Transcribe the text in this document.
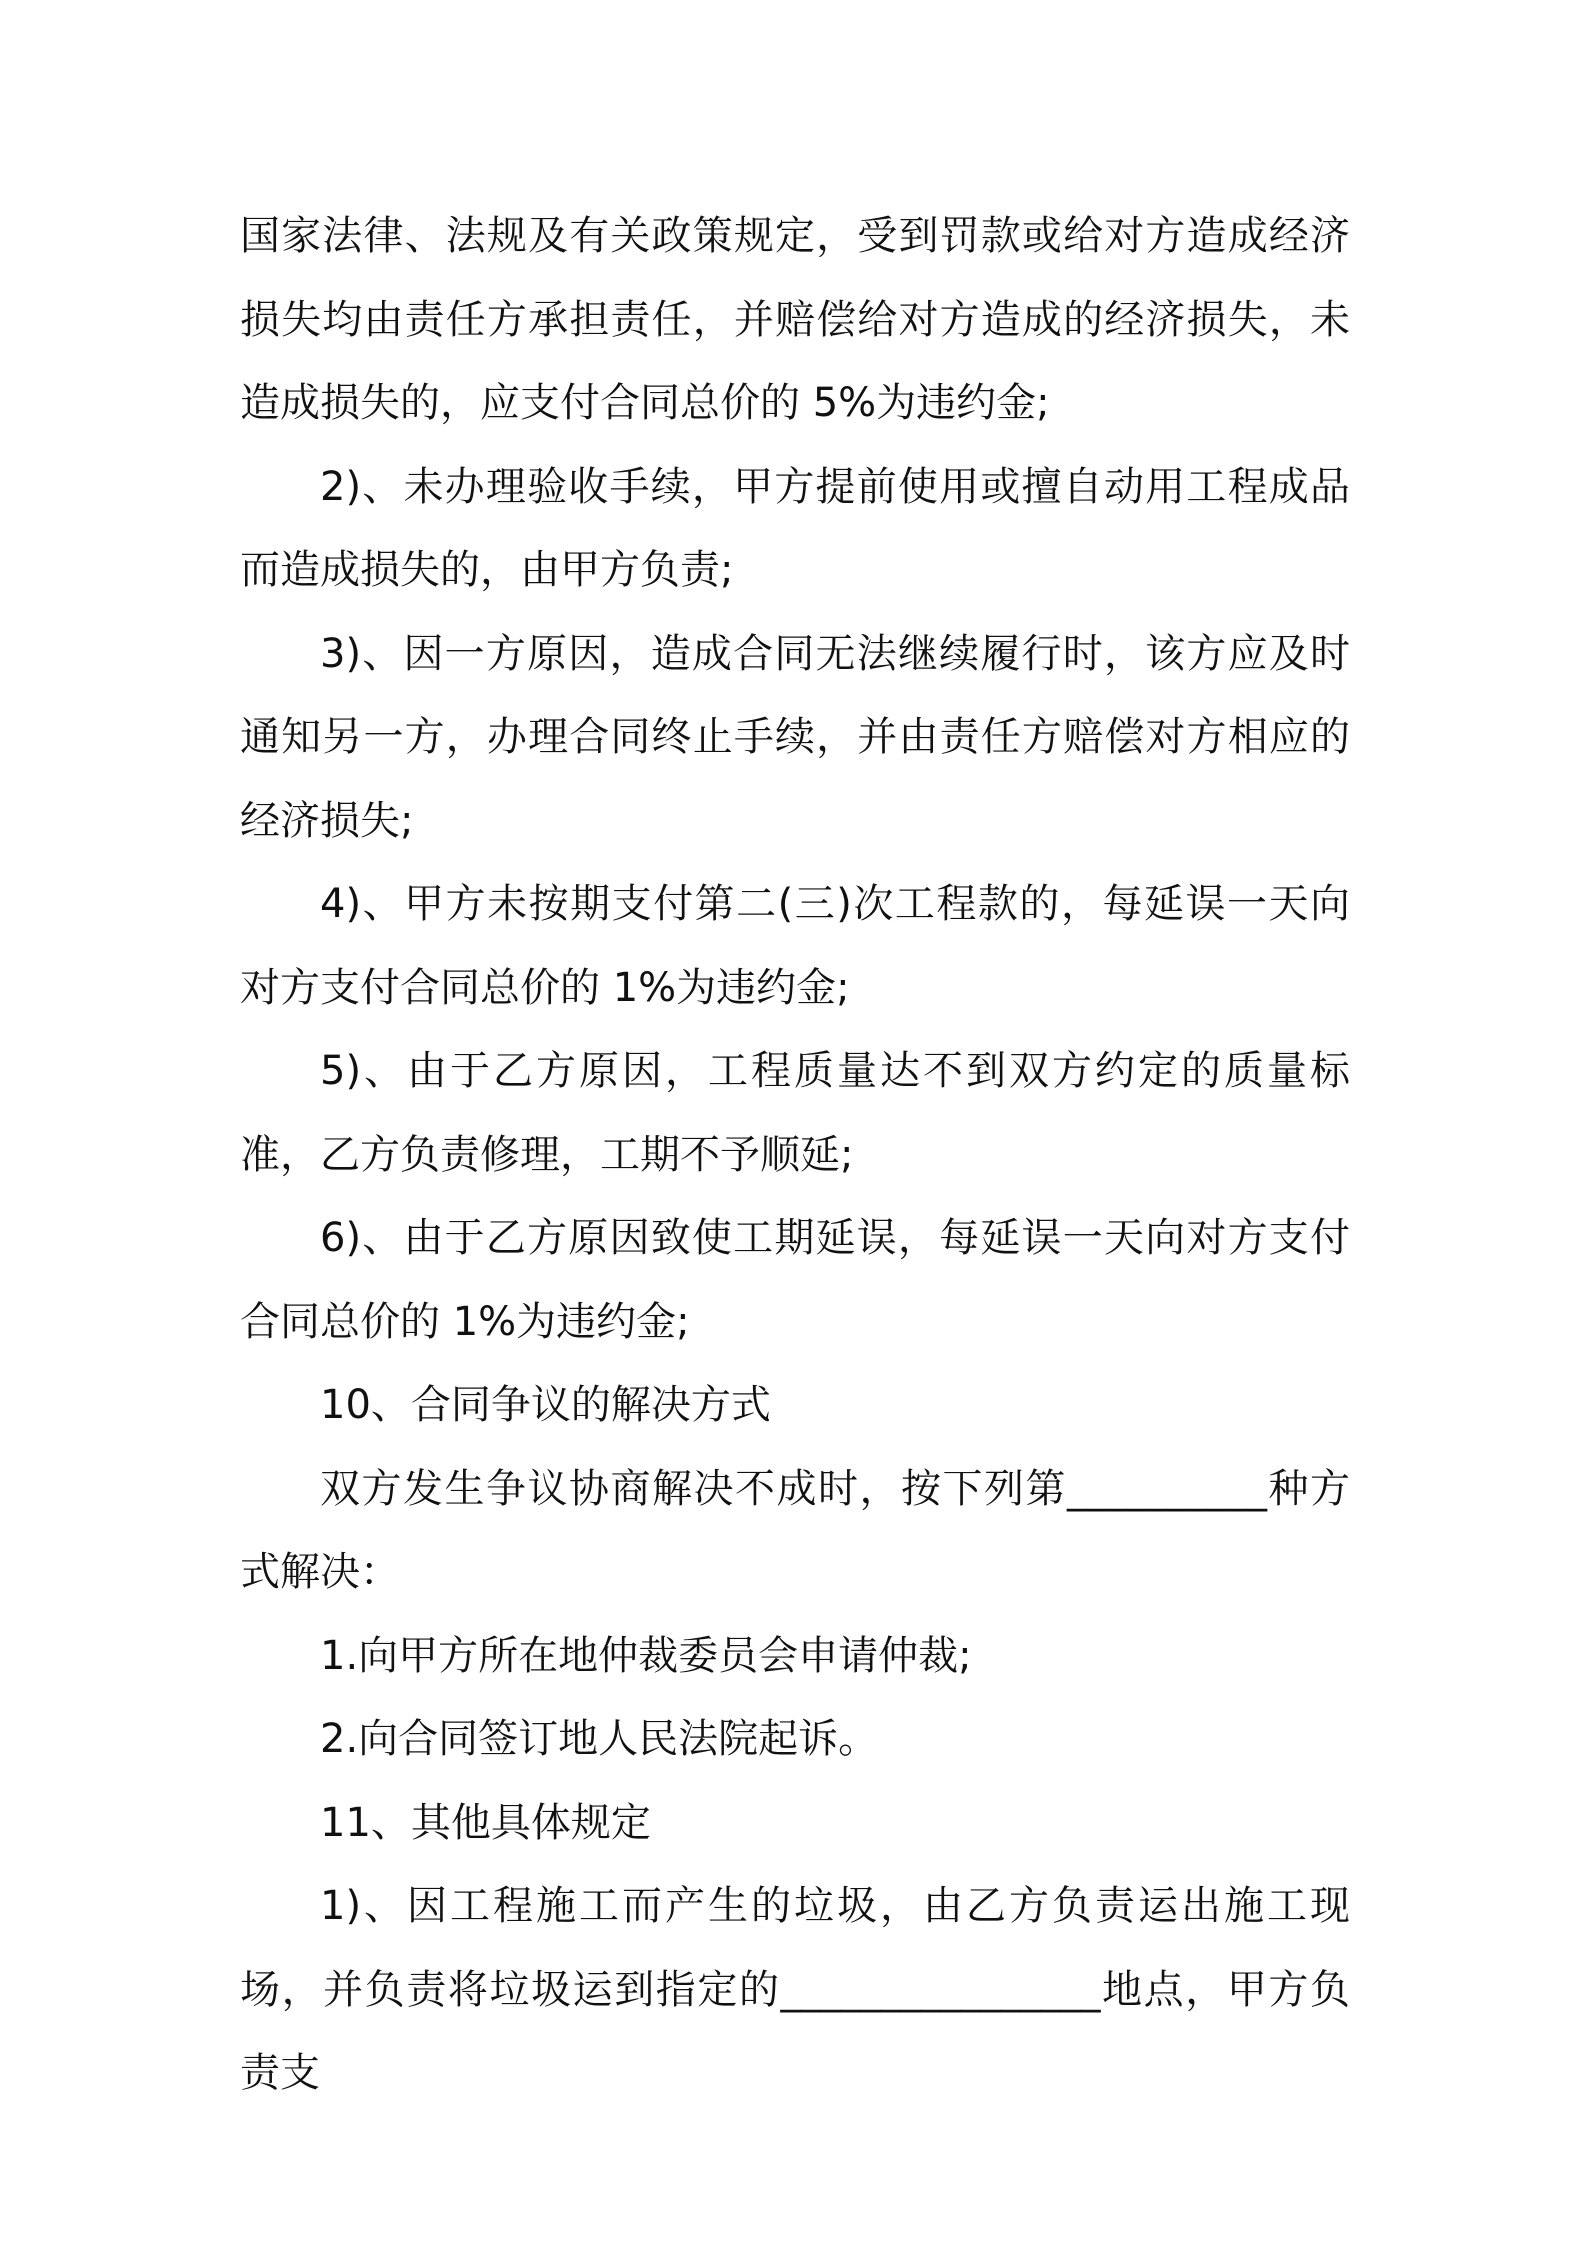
国家法律、法规及有关政策规定，受到罚款或给对方造成经济损失均由责任方承担责任，并赔偿给对方造成的经济损失，未造成损失的，应支付合同总价的 5%为违约金;

2)、未办理验收手续，甲方提前使用或擅自动用工程成品而造成损失的，由甲方负责;

3)、因一方原因，造成合同无法继续履行时，该方应及时通知另一方，办理合同终止手续，并由责任方赔偿对方相应的经济损失;

4)、甲方未按期支付第二(三)次工程款的，每延误一天向对方支付合同总价的 1%为违约金;

5)、由于乙方原因，工程质量达不到双方约定的质量标准，乙方负责修理，工期不予顺延;

6)、由于乙方原因致使工期延误，每延误一天向对方支付合同总价的 1%为违约金;

10、合同争议的解决方式

双方发生争议协商解决不成时，按下列第__________种方式解决：

1.向甲方所在地仲裁委员会申请仲裁;

2.向合同签订地人民法院起诉。

11、其他具体规定

1)、因工程施工而产生的垃圾，由乙方负责运出施工现场，并负责将垃圾运到指定的________________地点，甲方负责支
